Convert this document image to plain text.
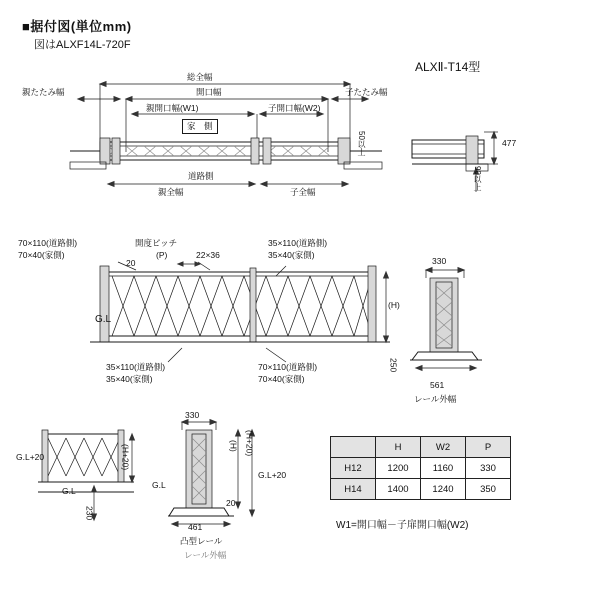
■据付図(単位mm)
図はALXF14L-720F
ALXⅡ-T14型
総全幅
開口幅
親たたみ幅	子たたみ幅
親開口幅(W1)	子開口幅(W2)
家　側
道路側
親全幅	子全幅
50以上	477
90以上
70×110(道路側)
70×40(家側)
開度ピッチ
(P)
20
22×36
35×110(道路側)
35×40(家側)
G.L
(H)
35×110(道路側)
35×40(家側)
70×110(道路側)
70×40(家側)
250
330
561
レール外幅
G.L+20
G.L
(H+20)
230
330
(H) (H+20)
20
G.L+20
G.L
461
凸型レール
レール外幅
	H	W2	P
H12	1200	1160	330
H14	1400	1240	350
W1=開口幅－子扉開口幅(W2)
